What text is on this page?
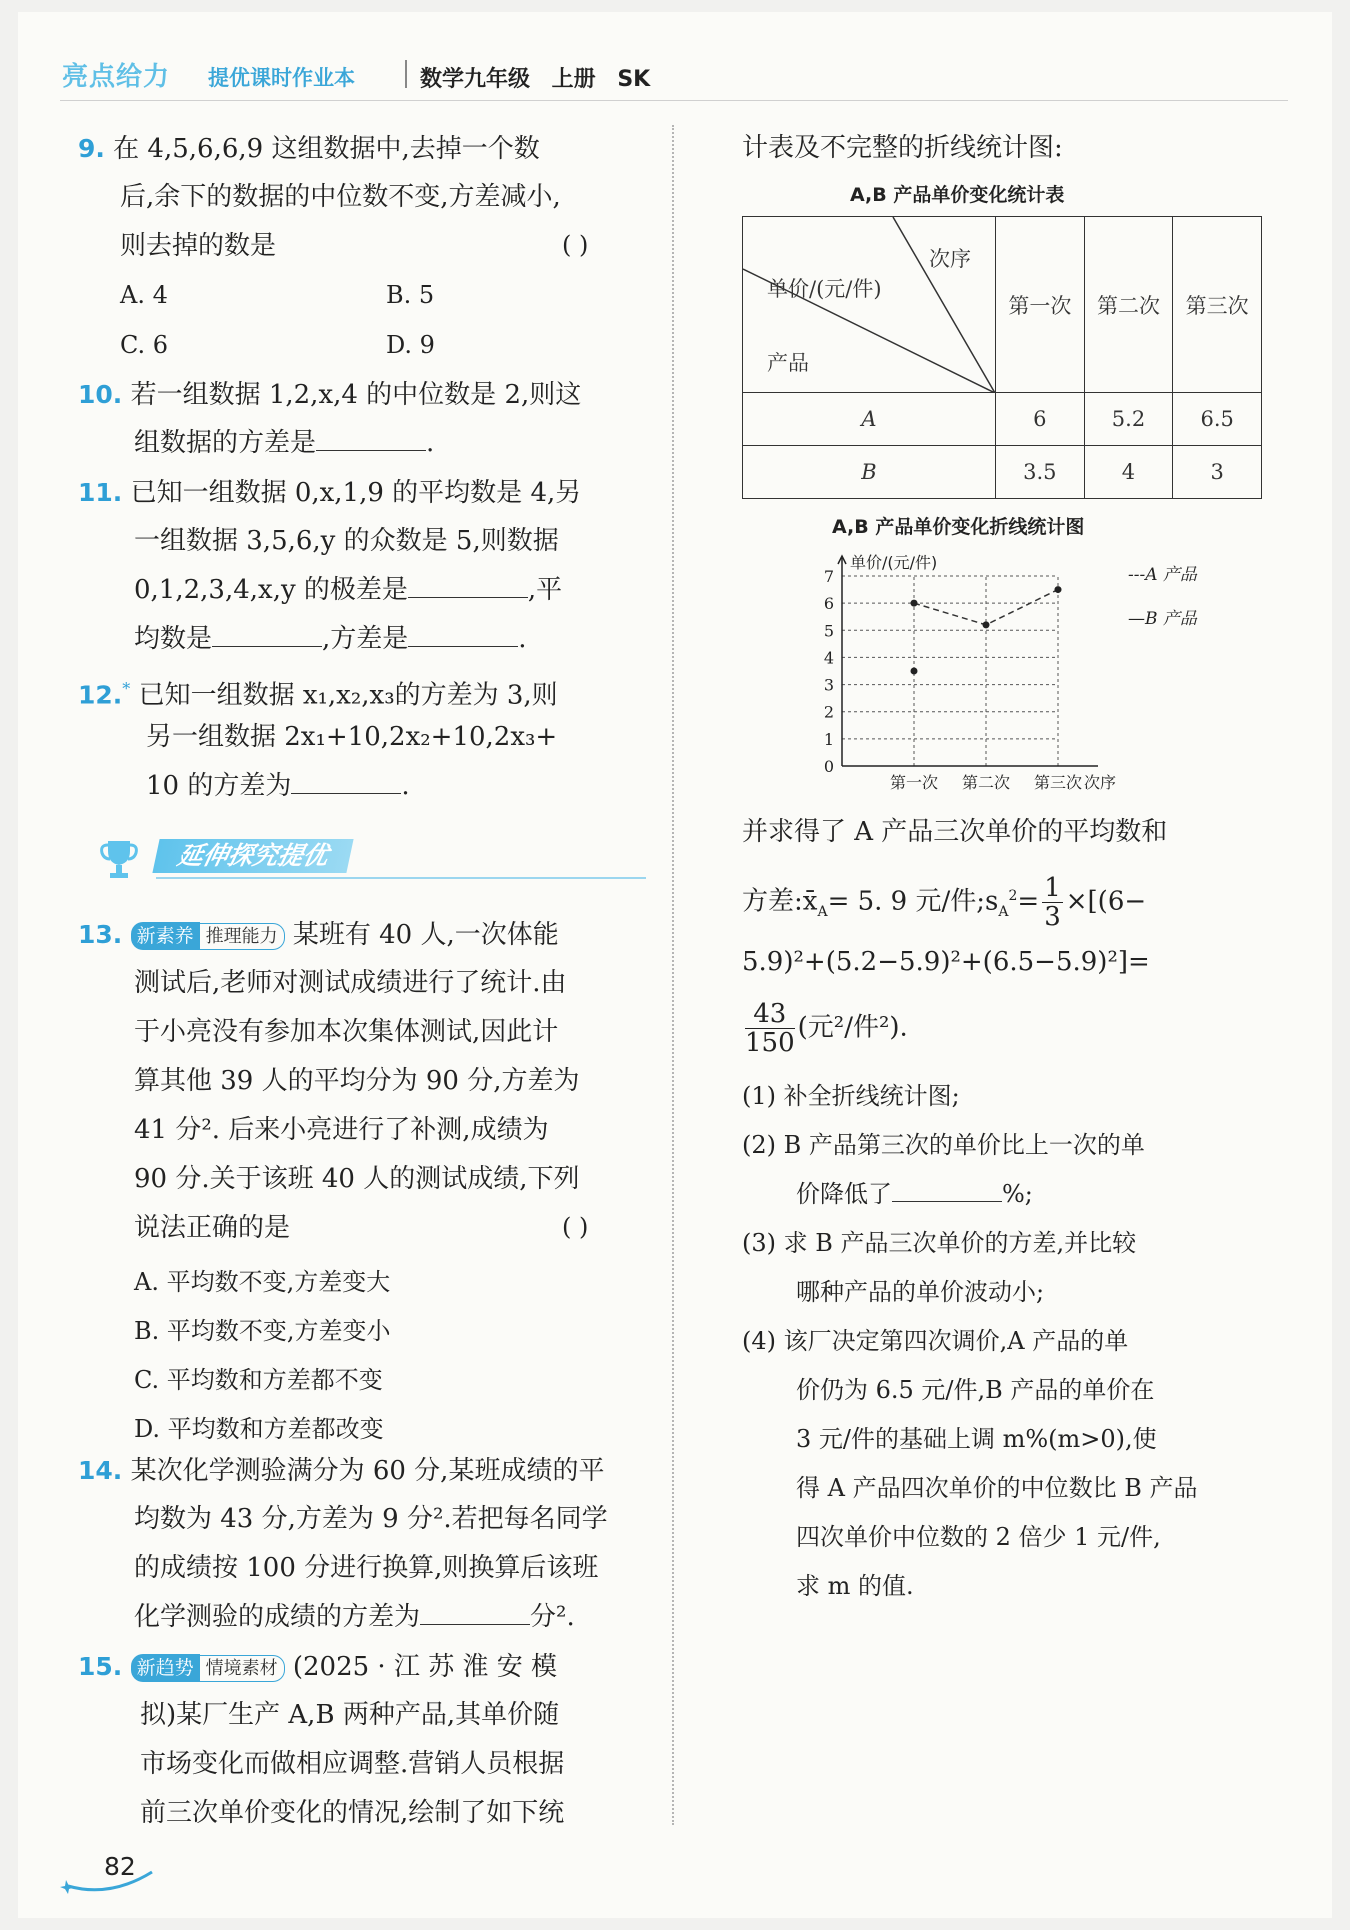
亮点给力 提优课时作业本	数学九年级 上册 SK
9. 在 4,5,6,6,9 这组数据中,去掉一个数
后,余下的数据的中位数不变,方差减小,
则去掉的数是	( )
A. 4	B. 5
C. 6	D. 9
10. 若一组数据 1,2,x,4 的中位数是 2,则这
组数据的方差是	.
11. 已知一组数据 0,x,1,9 的平均数是 4,另
一组数据 3,5,6,y 的众数是 5,则数据
0,1,2,3,4,x,y 的极差是	,平
均数是	,方差是	.
12.* 已知一组数据 x₁,x₂,x₃的方差为 3,则
另一组数据 2x₁+10,2x₂+10,2x₃+
10 的方差为	.
延伸探究提优
13. 新素养 推理能力 某班有 40 人,一次体能
测试后,老师对测试成绩进行了统计.由
于小亮没有参加本次集体测试,因此计
算其他 39 人的平均分为 90 分,方差为
41 分². 后来小亮进行了补测,成绩为
90 分.关于该班 40 人的测试成绩,下列
说法正确的是	( )
A. 平均数不变,方差变大
B. 平均数不变,方差变小
C. 平均数和方差都不变
D. 平均数和方差都改变
14. 某次化学测验满分为 60 分,某班成绩的平
均数为 43 分,方差为 9 分².若把每名同学
的成绩按 100 分进行换算,则换算后该班
化学测验的成绩的方差为	分².
15. 新趋势 情境素材 (2025 · 江 苏 淮 安 模
拟)某厂生产 A,B 两种产品,其单价随
市场变化而做相应调整.营销人员根据
前三次单价变化的情况,绘制了如下统
计表及不完整的折线统计图:
A,B 产品单价变化统计表
次序
单价/(元/件)
产品	第一次	第二次	第三次
A	6	5.2	6.5
B	3.5	4	3
A,B 产品单价变化折线统计图
0
1
2
3
4
5
6
7
单价/(元/件)
第一次 第二次 第三次 次序
---A 产品
—B 产品
并求得了 A 产品三次单价的平均数和
方差$:x̄_A= 5$. 9 元/件$;s_A^2= \frac{1}{3} \times[(6-$
5.9)²+(5.2−5.9)²+(6.5−5.9)²]=
$\frac{43}{150}$ (元²/件²).
(1) 补全折线统计图;
(2) B 产品第三次的单价比上一次的单
价降低了	%;
(3) 求 B 产品三次单价的方差,并比较
哪种产品的单价波动小;
(4) 该厂决定第四次调价,A 产品的单
价仍为 6.5 元/件,B 产品的单价在
3 元/件的基础上调 m%(m>0),使
得 A 产品四次单价的中位数比 B 产品
四次单价中位数的 2 倍少 1 元/件,
求 m 的值.
82
